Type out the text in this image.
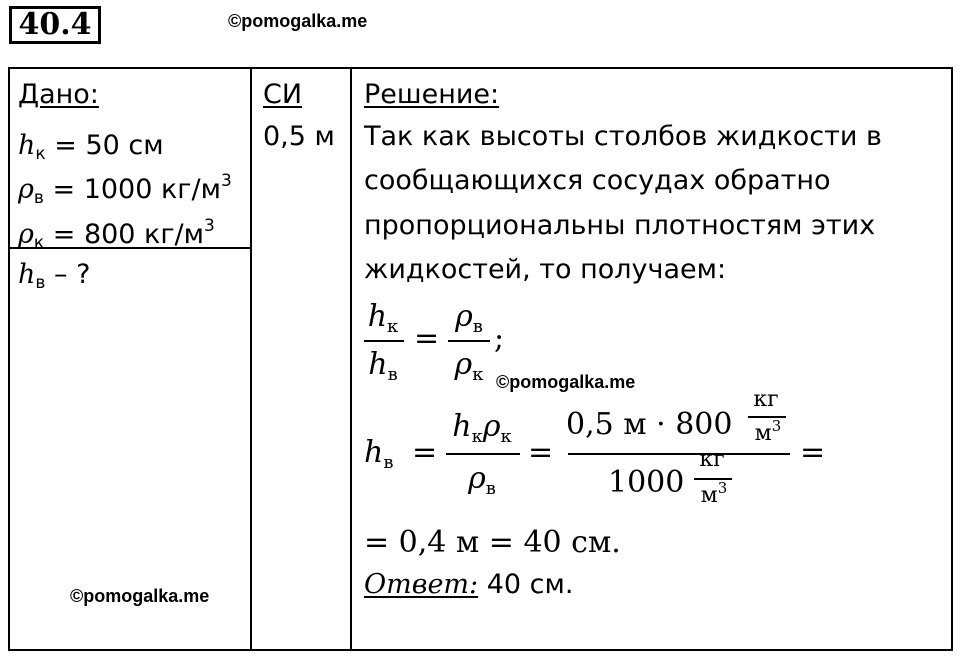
40.4	©pomogalka.me
Дано:
$h_к = 50$ см
$\rho_в = 1000$ $кг/м^3$
$\rho_к = 800$ $кг/м^3$
$h_в$ – ?
©pomogalka.me
СИ
0,5 м
Решение:
Так как высоты столбов жидкости в
сообщающихся сосудах обратно
пропорциональны плотностям этих
жидкостей, то получаем:
$h_к$
$h_в$
=
$\rho_в$
$\rho_к$
;
©pomogalka.me
$h_в$ =
$h_к\rho_к$
$\rho_в$
=
0,5 м · 800
кг
$м^3$
1000
кг
$м^3$
=
= 0,4 м = 40 см.
Ответ: 40 см.
